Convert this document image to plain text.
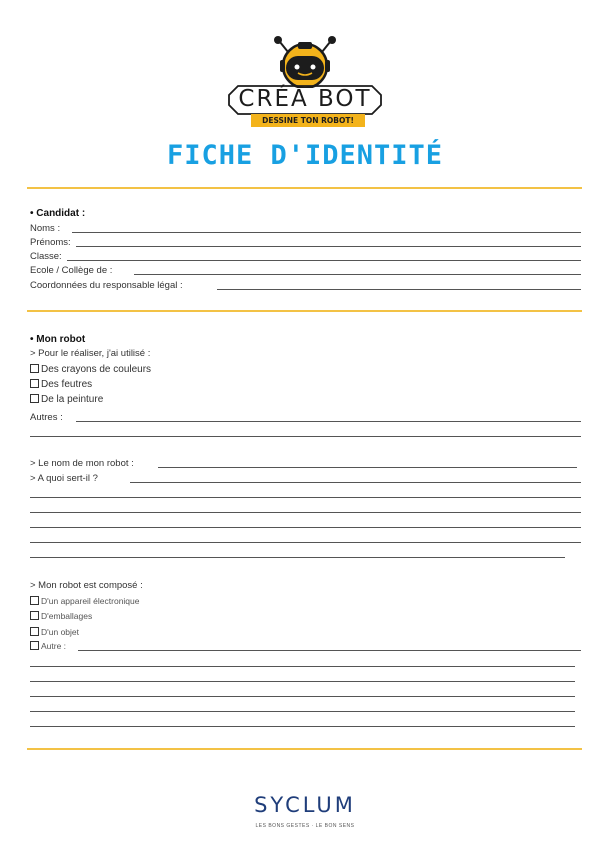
CRÉA BOT
DESSINE TON ROBOT!
FICHE D'IDENTITÉ
• Candidat :
Noms :
Prénoms:
Classe:
Ecole / Collège de :
Coordonnées du responsable légal :
• Mon robot
> Pour le réaliser, j'ai utilisé :
Des crayons de couleurs
Des feutres
De la peinture
Autres :
> Le nom de mon robot :
> A quoi sert-il ?
> Mon robot est composé :
D'un appareil électronique
D'emballages
D'un objet
Autre :
SYCLUM
LES BONS GESTES · LE BON SENS
